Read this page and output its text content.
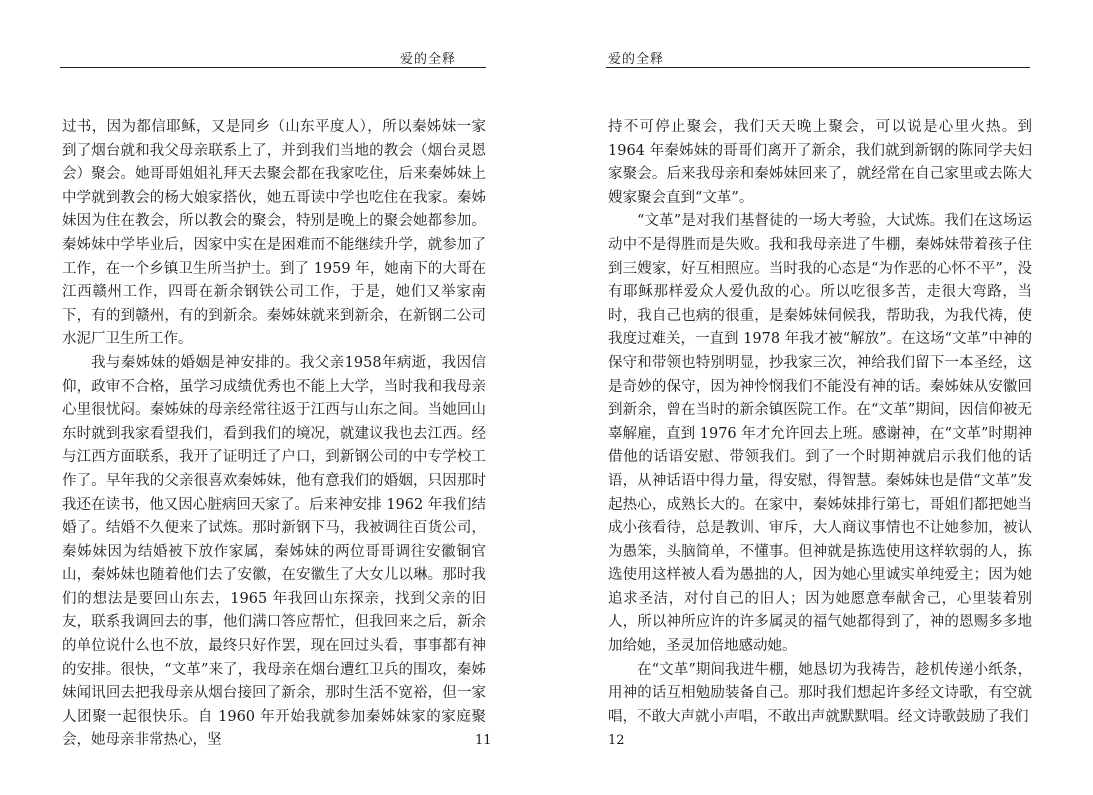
爱的全释

过书，因为都信耶稣，又是同乡（山东平度人），所以秦姊妹一家到了烟台就和我父母亲联系上了，并到我们当地的教会（烟台灵恩会）聚会。她哥哥姐姐礼拜天去聚会都在我家吃住，后来秦姊妹上中学就到教会的杨大娘家搭伙，她五哥读中学也吃住在我家。秦姊妹因为住在教会，所以教会的聚会，特别是晚上的聚会她都参加。秦姊妹中学毕业后，因家中实在是困难而不能继续升学，就参加了工作，在一个乡镇卫生所当护士。到了 1959 年，她南下的大哥在江西赣州工作，四哥在新余钢铁公司工作，于是，她们又举家南下，有的到赣州，有的到新余。秦姊妹就来到新余，在新钢二公司水泥厂卫生所工作。

我与秦姊妹的婚姻是神安排的。我父亲1958年病逝，我因信仰，政审不合格，虽学习成绩优秀也不能上大学，当时我和我母亲心里很忧闷。秦姊妹的母亲经常往返于江西与山东之间。当她回山东时就到我家看望我们，看到我们的境况，就建议我也去江西。经与江西方面联系，我开了证明迁了户口，到新钢公司的中专学校工作了。早年我的父亲很喜欢秦姊妹，他有意我们的婚姻，只因那时我还在读书，他又因心脏病回天家了。后来神安排 1962 年我们结婚了。结婚不久便来了试炼。那时新钢下马，我被调往百货公司，秦姊妹因为结婚被下放作家属，秦姊妹的两位哥哥调往安徽铜官山，秦姊妹也随着他们去了安徽，在安徽生了大女儿以琳。那时我们的想法是要回山东去，1965 年我回山东探亲，找到父亲的旧友，联系我调回去的事，他们满口答应帮忙，但我回来之后，新余的单位说什么也不放，最终只好作罢，现在回过头看，事事都有神的安排。很快，“文革”来了，我母亲在烟台遭红卫兵的围攻，秦姊妹闻讯回去把我母亲从烟台接回了新余，那时生活不宽裕，但一家人团聚一起很快乐。自 1960 年开始我就参加秦姊妹家的家庭聚会，她母亲非常热心，坚	11
爱的全释

持不可停止聚会，我们天天晚上聚会，可以说是心里火热。到 1964 年秦姊妹的哥哥们离开了新余，我们就到新钢的陈同学夫妇家聚会。后来我母亲和秦姊妹回来了，就经常在自己家里或去陈大嫂家聚会直到“文革”。

“文革”是对我们基督徒的一场大考验，大试炼。我们在这场运动中不是得胜而是失败。我和我母亲进了牛棚，秦姊妹带着孩子住到三嫂家，好互相照应。当时我的心态是“为作恶的心怀不平”，没有耶稣那样爱众人爱仇敌的心。所以吃很多苦，走很大弯路，当时，我自己也病的很重，是秦姊妹伺候我，帮助我，为我代祷，使我度过难关，一直到 1978 年我才被“解放”。在这场“文革”中神的保守和带领也特别明显，抄我家三次，神给我们留下一本圣经，这是奇妙的保守，因为神怜悯我们不能没有神的话。秦姊妹从安徽回到新余，曾在当时的新余镇医院工作。在“文革”期间，因信仰被无辜解雇，直到 1976 年才允许回去上班。感谢神，在“文革”时期神借他的话语安慰、带领我们。到了一个时期神就启示我们他的话语，从神话语中得力量，得安慰，得智慧。秦姊妹也是借“文革”发起热心，成熟长大的。在家中，秦姊妹排行第七，哥姐们都把她当成小孩看待，总是教训、审斥，大人商议事情也不让她参加，被认为愚笨，头脑简单，不懂事。但神就是拣选使用这样软弱的人，拣选使用这样被人看为愚拙的人，因为她心里诚实单纯爱主；因为她追求圣洁，对付自己的旧人；因为她愿意奉献舍己，心里装着别人，所以神所应许的许多属灵的福气她都得到了，神的恩赐多多地加给她，圣灵加倍地感动她。

在“文革”期间我进牛棚，她恳切为我祷告，趁机传递小纸条，用神的话互相勉励装备自己。那时我们想起许多经文诗歌，有空就唱，不敢大声就小声唱，不敢出声就默默唱。经文诗歌鼓励了我们

12
